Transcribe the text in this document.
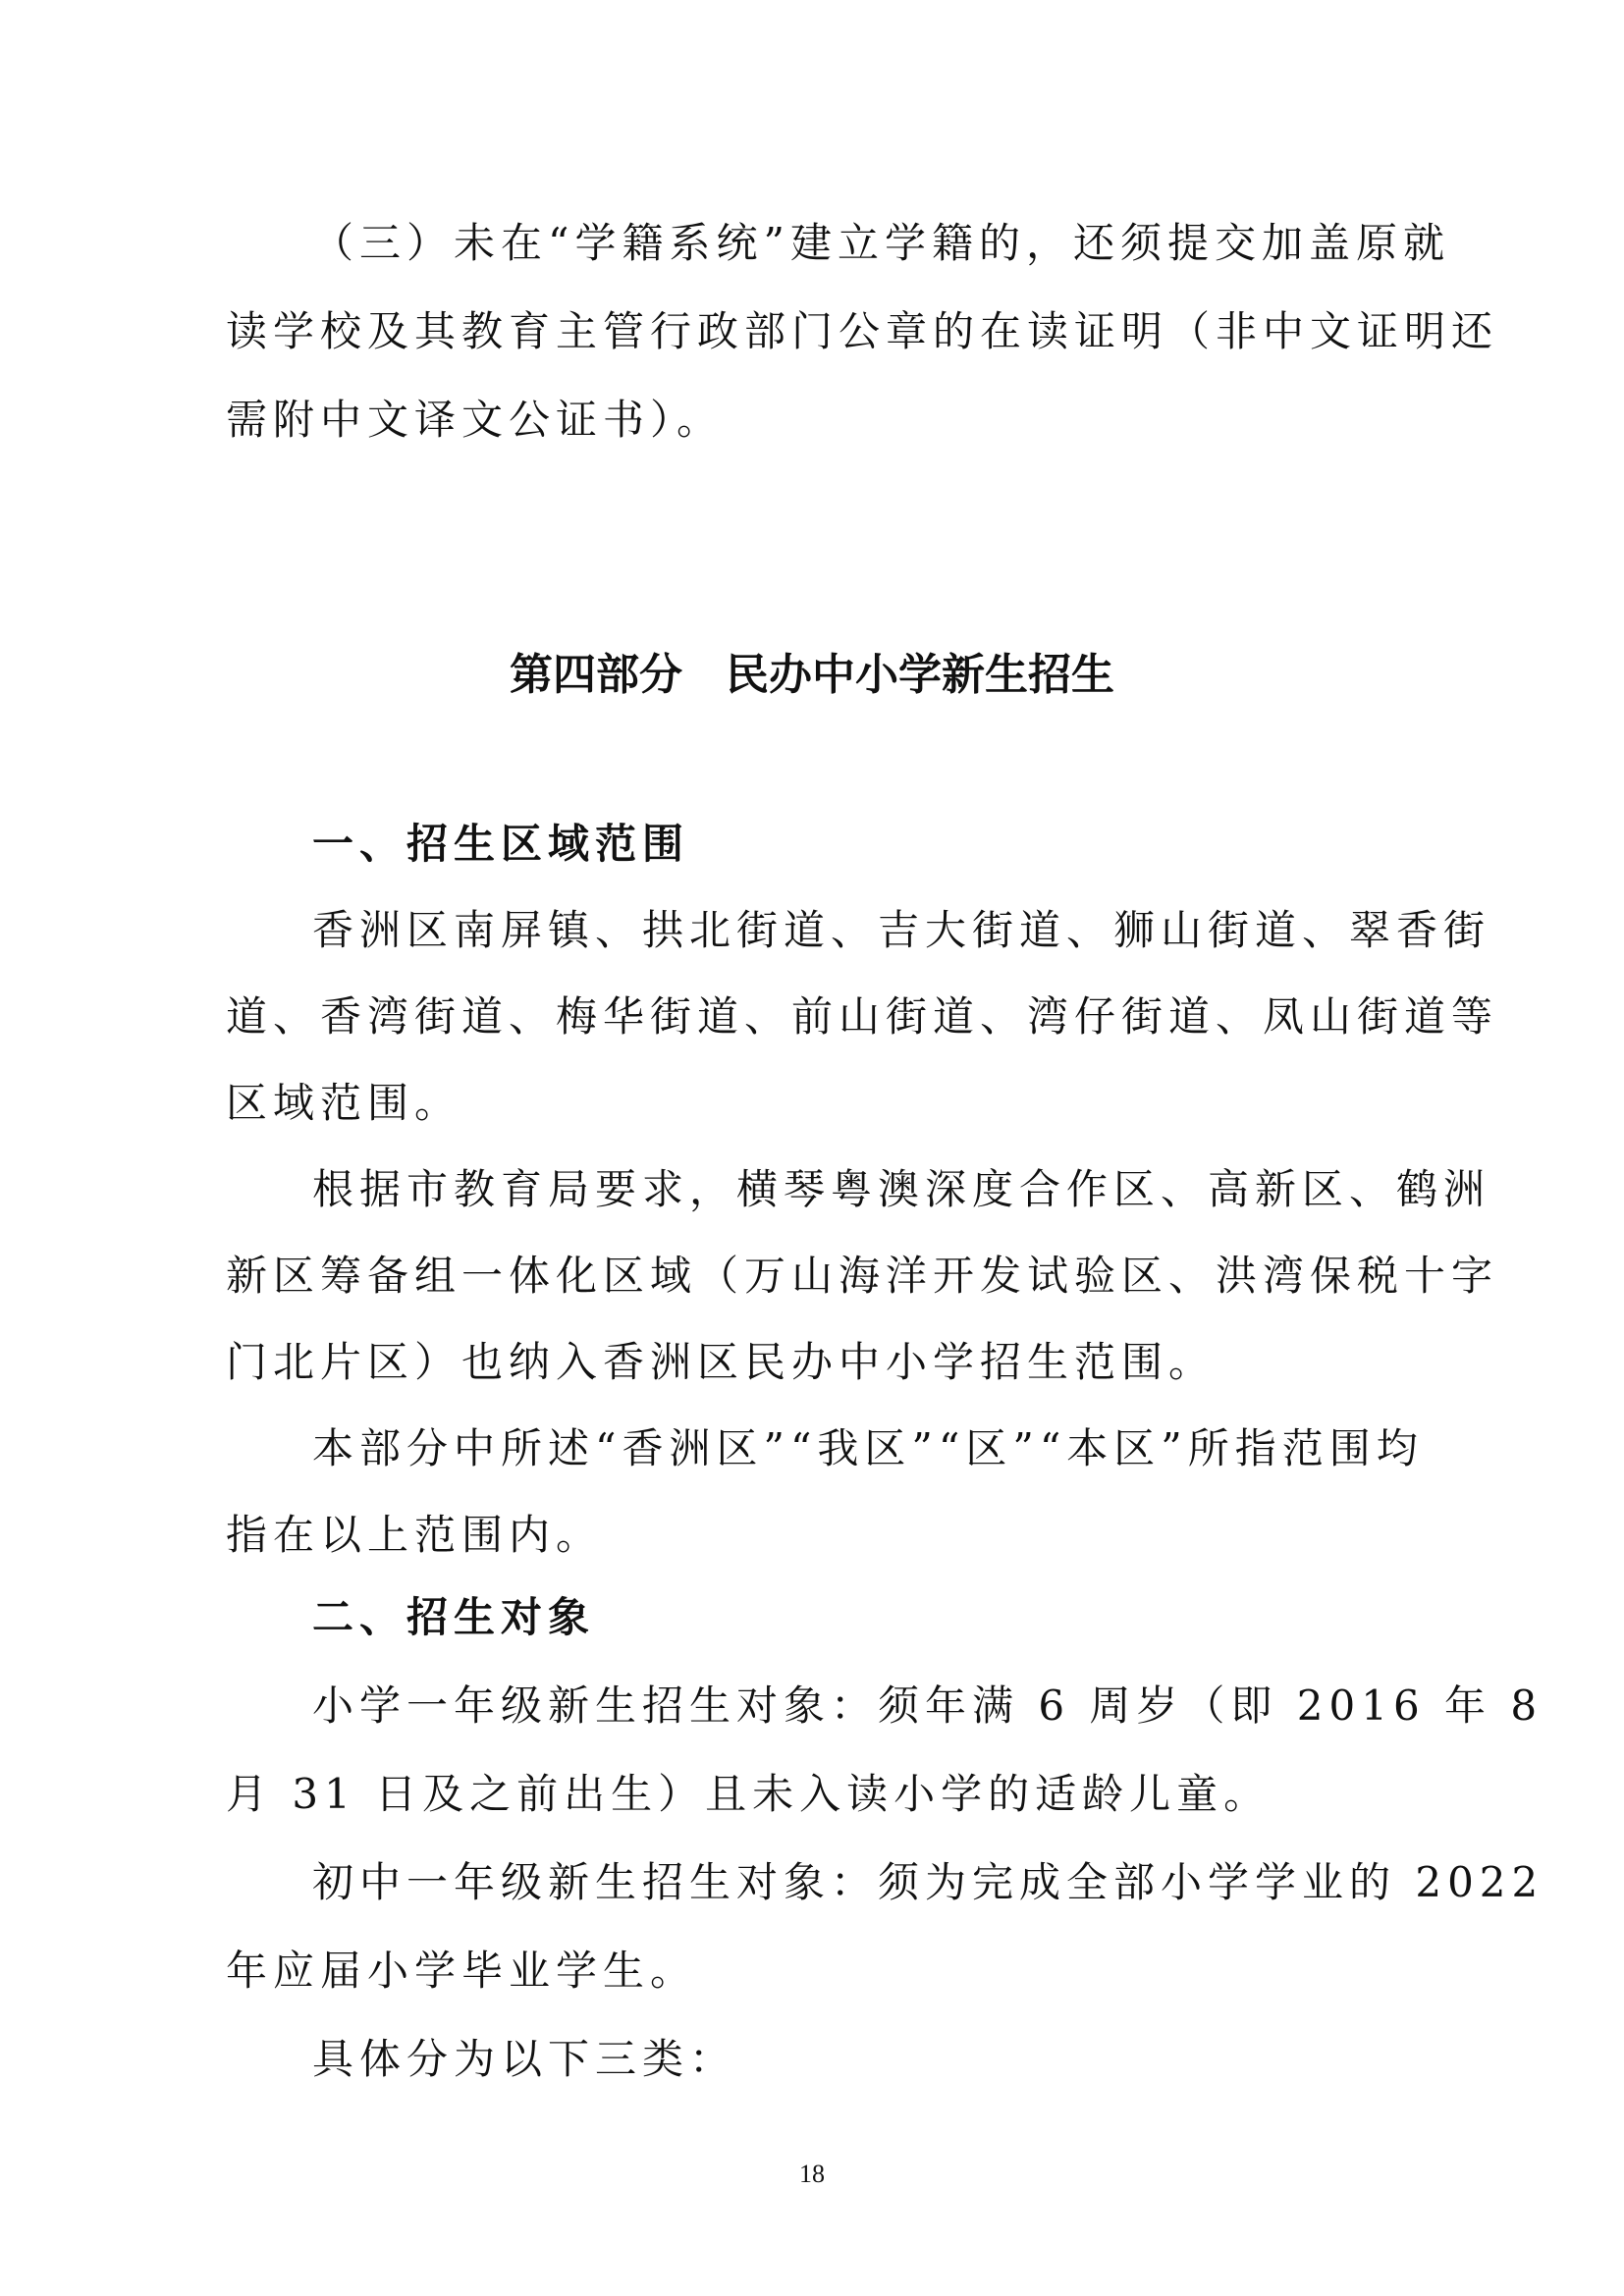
（三）未在“学籍系统”建立学籍的，还须提交加盖原就
读学校及其教育主管行政部门公章的在读证明（非中文证明还
需附中文译文公证书）。
第四部分　民办中小学新生招生
一、招生区域范围
香洲区南屏镇、拱北街道、吉大街道、狮山街道、翠香街
道、香湾街道、梅华街道、前山街道、湾仔街道、凤山街道等
区域范围。
根据市教育局要求，横琴粤澳深度合作区、高新区、鹤洲
新区筹备组一体化区域（万山海洋开发试验区、洪湾保税十字
门北片区）也纳入香洲区民办中小学招生范围。
本部分中所述“香洲区”“我区”“区”“本区”所指范围均
指在以上范围内。
二、招生对象
小学一年级新生招生对象：须年满 6 周岁（即 2016 年 8
月 31 日及之前出生）且未入读小学的适龄儿童。
初中一年级新生招生对象：须为完成全部小学学业的 2022
年应届小学毕业学生。
具体分为以下三类：
18
